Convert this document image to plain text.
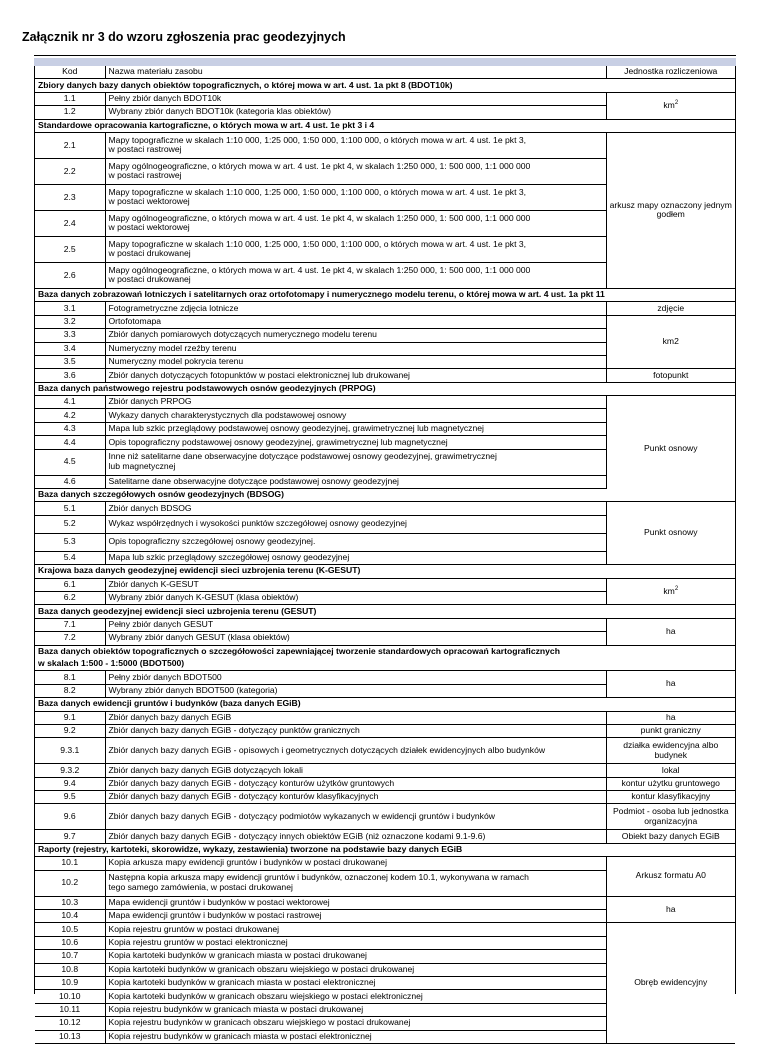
Załącznik nr 3 do wzoru zgłoszenia prac geodezyjnych
Kod	Nazwa materiału zasobu	Jednostka rozliczeniowa
Zbiory danych bazy danych obiektów topograficznych, o której mowa w art. 4 ust. 1a pkt 8 (BDOT10k)		
1.1	Pełny zbiór danych BDOT10k	$km^2$
1.2	Wybrany zbiór danych BDOT10k (kategoria klas obiektów)	
Standardowe opracowania kartograficzne, o których mowa w art. 4 ust. 1e pkt 3 i 4		
2.1	Mapy topograficzne w skalach 1:10 000, 1:25 000, 1:50 000, 1:100 000, o których mowa w art. 4 ust. 1e pkt 3,
w postaci rastrowej	arkusz mapy oznaczony jednym godłem
2.2	Mapy ogólnogeograficzne, o których mowa w art. 4 ust. 1e pkt 4, w skalach 1:250 000, 1: 500 000, 1:1 000 000
w postaci rastrowej	
2.3	Mapy topograficzne w skalach 1:10 000, 1:25 000, 1:50 000, 1:100 000, o których mowa w art. 4 ust. 1e pkt 3,
w postaci wektorowej	
2.4	Mapy ogólnogeograficzne, o których mowa w art. 4 ust. 1e pkt 4, w skalach 1:250 000, 1: 500 000, 1:1 000 000
w postaci wektorowej	
2.5	Mapy topograficzne w skalach 1:10 000, 1:25 000, 1:50 000, 1:100 000, o których mowa w art. 4 ust. 1e pkt 3,
w postaci drukowanej	
2.6	Mapy ogólnogeograficzne, o których mowa w art. 4 ust. 1e pkt 4, w skalach 1:250 000, 1: 500 000, 1:1 000 000
w postaci drukowanej	
Baza danych zobrazowań lotniczych i satelitarnych oraz ortofotomapy i numerycznego modelu terenu, o której mowa w art. 4 ust. 1a pkt 11		
3.1	Fotogrametryczne zdjęcia lotnicze	zdjęcie
3.2	Ortofotomapa	km2
3.3	Zbiór danych pomiarowych dotyczących numerycznego modelu terenu	
3.4	Numeryczny model rzeźby terenu	
3.5	Numeryczny model pokrycia terenu	
3.6	Zbiór danych dotyczących fotopunktów w postaci elektronicznej lub drukowanej	fotopunkt
Baza danych państwowego rejestru podstawowych osnów geodezyjnych (PRPOG)		
4.1	Zbiór danych PRPOG	Punkt osnowy
4.2	Wykazy danych charakterystycznych dla podstawowej osnowy	
4.3	Mapa lub szkic przeglądowy podstawowej osnowy geodezyjnej, grawimetrycznej lub magnetycznej	
4.4	Opis topograficzny podstawowej osnowy geodezyjnej, grawimetrycznej lub magnetycznej	
4.5	Inne niż satelitarne dane obserwacyjne dotyczące podstawowej osnowy geodezyjnej, grawimetrycznej
lub magnetycznej	
4.6	Satelitarne dane obserwacyjne dotyczące podstawowej osnowy geodezyjnej	
Baza danych szczegółowych osnów geodezyjnych (BDSOG)		
5.1	Zbiór danych BDSOG	Punkt osnowy
5.2	Wykaz współrzędnych i wysokości punktów szczegółowej osnowy geodezyjnej	
5.3	Opis topograficzny szczegółowej osnowy geodezyjnej.	
5.4	Mapa lub szkic przeglądowy szczegółowej osnowy geodezyjnej	
Krajowa baza danych geodezyjnej ewidencji sieci uzbrojenia terenu (K-GESUT)		
6.1	Zbiór danych K-GESUT	$km^2$
6.2	Wybrany zbiór danych K-GESUT (klasa obiektów)	
Baza danych geodezyjnej ewidencji sieci uzbrojenia terenu (GESUT)		
7.1	Pełny zbiór danych GESUT	ha
7.2	Wybrany zbiór danych GESUT (klasa obiektów)	
Baza danych obiektów topograficznych o szczegółowości zapewniającej tworzenie standardowych opracowań kartograficznych		
w skalach 1:500 - 1:5000 (BDOT500)		
8.1	Pełny zbiór danych BDOT500	ha
8.2	Wybrany zbiór danych BDOT500 (kategoria)	
Baza danych ewidencji gruntów i budynków (baza danych EGiB)		
9.1	Zbiór danych bazy danych EGiB	ha
9.2	Zbiór danych bazy danych EGiB - dotyczący punktów granicznych	punkt graniczny
9.3.1	Zbiór danych bazy danych EGiB - opisowych i geometrycznych dotyczących działek ewidencyjnych albo budynków	działka ewidencyjna albo budynek
9.3.2	Zbiór danych bazy danych EGiB dotyczących lokali	lokal
9.4	Zbiór danych bazy danych EGiB - dotyczący konturów użytków gruntowych	kontur użytku gruntowego
9.5	Zbiór danych bazy danych EGiB - dotyczący konturów klasyfikacyjnych	kontur klasyfikacyjny
9.6	Zbiór danych bazy danych EGiB - dotyczący podmiotów wykazanych w ewidencji gruntów i budynków	Podmiot - osoba lub jednostka organizacyjna
9.7	Zbiór danych bazy danych EGiB - dotyczący innych obiektów EGiB (niż oznaczone kodami 9.1-9.6)	Obiekt bazy danych EGiB
Raporty (rejestry, kartoteki, skorowidze, wykazy, zestawienia) tworzone na podstawie bazy danych EGiB		
10.1	Kopia arkusza mapy ewidencji gruntów i budynków w postaci drukowanej	Arkusz formatu A0
10.2	Następna kopia arkusza mapy ewidencji gruntów i budynków, oznaczonej kodem 10.1, wykonywana w ramach
tego samego zamówienia, w postaci drukowanej	
10.3	Mapa ewidencji gruntów i budynków w postaci wektorowej	ha
10.4	Mapa ewidencji gruntów i budynków w postaci rastrowej	
10.5	Kopia rejestru gruntów w postaci drukowanej	Obręb ewidencyjny
10.6	Kopia rejestru gruntów w postaci elektronicznej	
10.7	Kopia kartoteki budynków w granicach miasta w postaci drukowanej	
10.8	Kopia kartoteki budynków w granicach obszaru wiejskiego w postaci drukowanej	
10.9	Kopia kartoteki budynków w granicach miasta w postaci elektronicznej	
10.10	Kopia kartoteki budynków w granicach obszaru wiejskiego w postaci elektronicznej	
10.11	Kopia rejestru budynków w granicach miasta w postaci drukowanej	
10.12	Kopia rejestru budynków w granicach obszaru wiejskiego w postaci drukowanej	
10.13	Kopia rejestru budynków w granicach miasta w postaci elektronicznej	
